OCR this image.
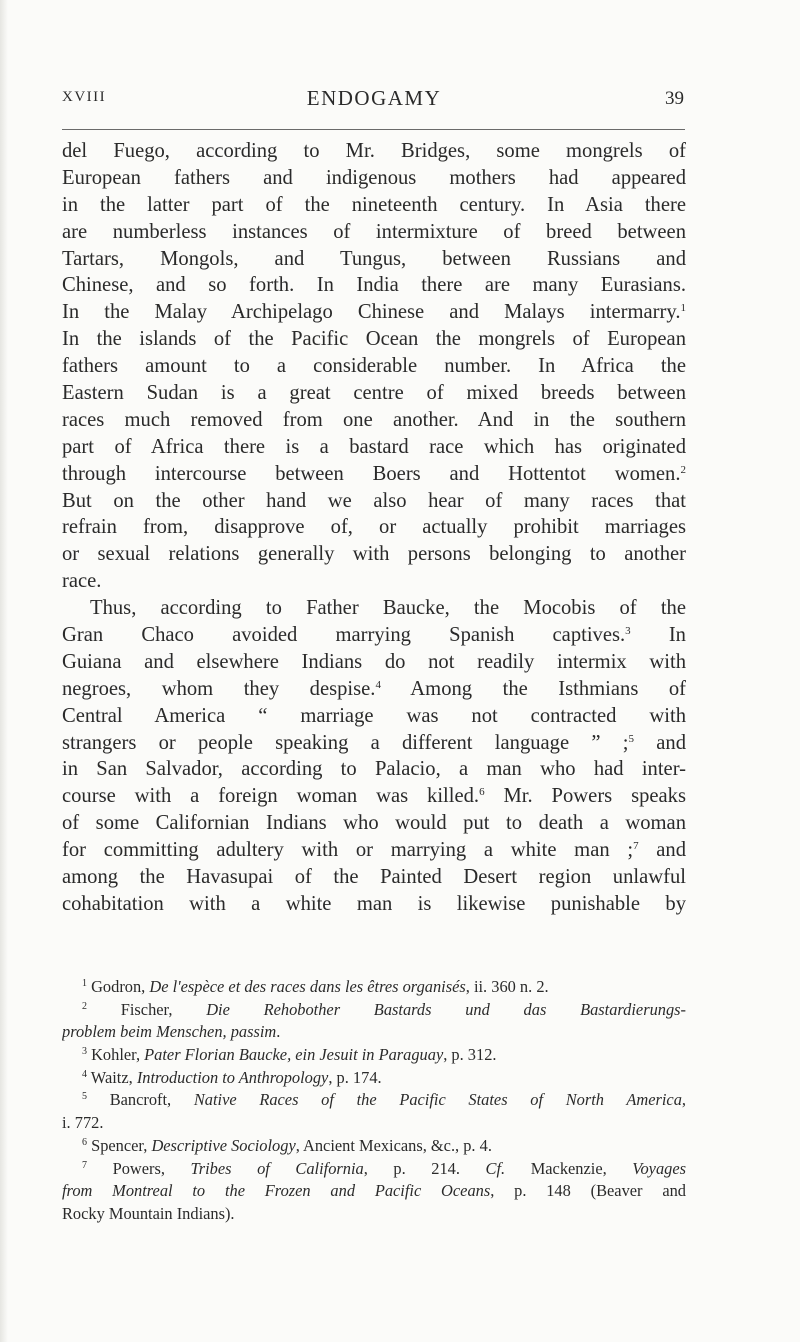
XVIII	ENDOGAMY	39
del Fuego, according to Mr. Bridges, some mongrels of
European fathers and indigenous mothers had appeared
in the latter part of the nineteenth century. In Asia there
are numberless instances of intermixture of breed between
Tartars, Mongols, and Tungus, between Russians and
Chinese, and so forth. In India there are many Eurasians.
In the Malay Archipelago Chinese and Malays intermarry.$^1$
In the islands of the Pacific Ocean the mongrels of European
fathers amount to a considerable number. In Africa the
Eastern Sudan is a great centre of mixed breeds between
races much removed from one another. And in the southern
part of Africa there is a bastard race which has originated
through intercourse between Boers and Hottentot women.$^2$
But on the other hand we also hear of many races that
refrain from, disapprove of, or actually prohibit marriages
or sexual relations generally with persons belonging to another
race.
Thus, according to Father Baucke, the Mocobis of the
Gran Chaco avoided marrying Spanish captives.$^3$ In
Guiana and elsewhere Indians do not readily intermix with
negroes, whom they despise.$^4$ Among the Isthmians of
Central America “ marriage was not contracted with
strangers or people speaking a different language ” ;$^5$ and
in San Salvador, according to Palacio, a man who had inter-
course with a foreign woman was killed.$^6$ Mr. Powers speaks
of some Californian Indians who would put to death a woman
for committing adultery with or marrying a white man ;$^7$ and
among the Havasupai of the Painted Desert region unlawful
cohabitation with a white man is likewise punishable by
$^1$ Godron, De l'espèce et des races dans les êtres organisés, ii. 360 n. 2.
$^2$ Fischer, Die Rehobother Bastards und das Bastardierungs-
problem beim Menschen, passim.
$^3$ Kohler, Pater Florian Baucke, ein Jesuit in Paraguay, p. 312.
$^4$ Waitz, Introduction to Anthropology, p. 174.
$^5$ Bancroft, Native Races of the Pacific States of North America,
i. 772.
$^6$ Spencer, Descriptive Sociology, Ancient Mexicans, &c., p. 4.
$^7$ Powers, Tribes of California, p. 214. Cf. Mackenzie, Voyages
from Montreal to the Frozen and Pacific Oceans, p. 148 (Beaver and
Rocky Mountain Indians).
